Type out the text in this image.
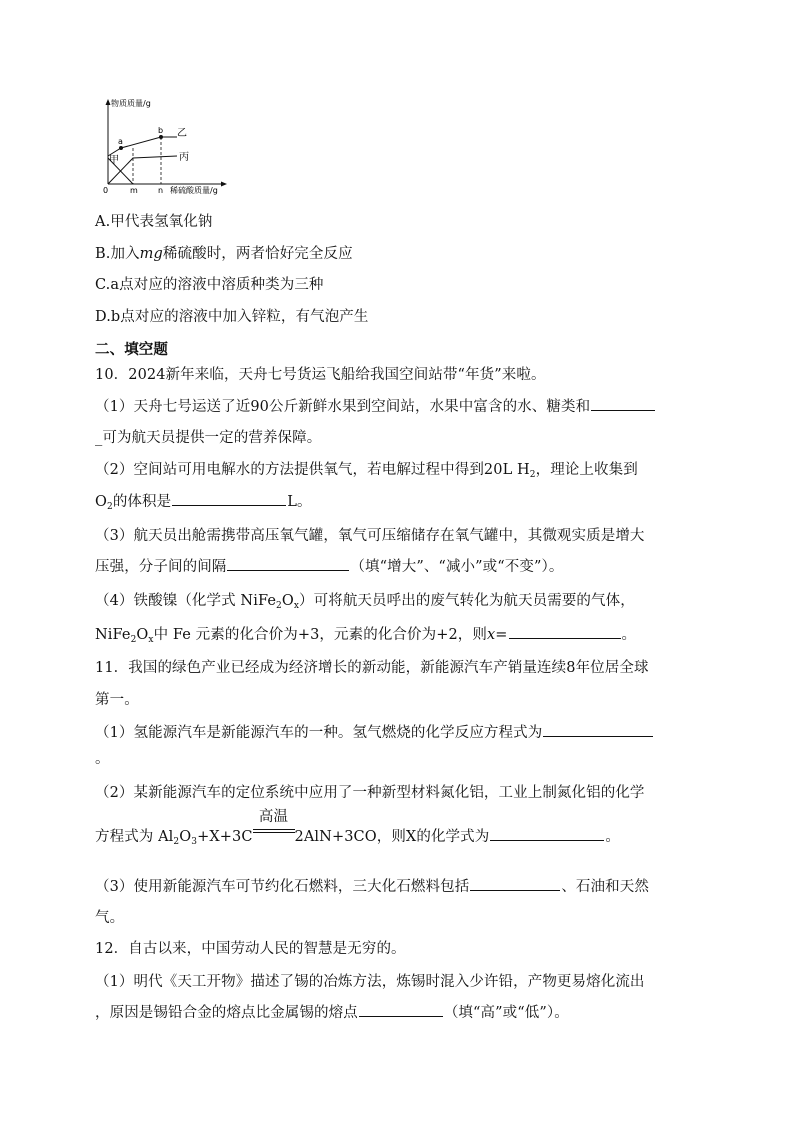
物质质量/g
稀硫酸质量/g
0	m	n
a
b 乙
丙
甲
A.甲代表氢氧化钠
B.加入mg稀硫酸时，两者恰好完全反应
C.a点对应的溶液中溶质种类为三种
D.b点对应的溶液中加入锌粒，有气泡产生
二、填空题
10．2024新年来临，天舟七号货运飞船给我国空间站带“年货”来啦。
（1）天舟七号运送了近90公斤新鲜水果到空间站，水果中富含的水、糖类和
_可为航天员提供一定的营养保障。
（2）空间站可用电解水的方法提供氧气，若电解过程中得到20L $H_2$，理论上收集到
$O_2$的体积是	L。
（3）航天员出舱需携带高压氧气罐，氧气可压缩储存在氧气罐中，其微观实质是增大
压强，分子间的间隔	（填“增大”、“减小”或“不变”）。
（4）铁酸镍（化学式 $NiFe_2O_x$）可将航天员呼出的废气转化为航天员需要的气体，
$NiFe_2O_x$中 Fe 元素的化合价为+3，元素的化合价为+2，则x=	。
11．我国的绿色产业已经成为经济增长的新动能，新能源汽车产销量连续8年位居全球
第一。
（1）氢能源汽车是新能源汽车的一种。氢气燃烧的化学反应方程式为
。
（2）某新能源汽车的定位系统中应用了一种新型材料氮化铝，工业上制氮化铝的化学
方程式为 $Al_2O_3+X+3C$
高温
2AlN+3CO，则X的化学式为	。
（3）使用新能源汽车可节约化石燃料，三大化石燃料包括	、石油和天然
气。
12．自古以来，中国劳动人民的智慧是无穷的。
（1）明代《天工开物》描述了锡的冶炼方法，炼锡时混入少许铅，产物更易熔化流出
，原因是锡铅合金的熔点比金属锡的熔点	（填“高”或“低”）。
